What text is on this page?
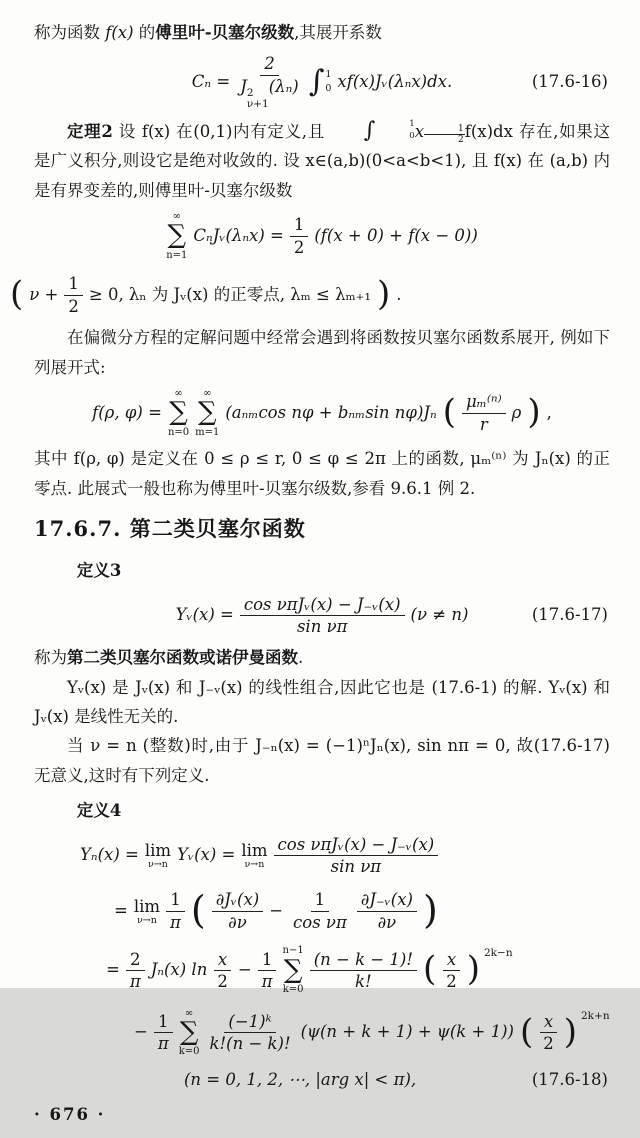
称为函数 f(x) 的傅里叶-贝塞尔级数,其展开系数

Cₙ = 2
J 2
ν+1
(λₙ) ∫ 1
0 xf(x)Jᵥ(λₙx)dx.	(17.6-16)

定理2 设 f(x) 在(0,1)内有定义,且	∫	1
0 x $\frac{1}{2} f(x)dx$ 存在,如果这是广义积分,则设它是绝对收敛的. 设 x∈(a,b)(0<a<b<1), 且 f(x) 在 (a,b) 内是有界变差的,则傅里叶-贝塞尔级数

∞
∑
n=1
CₙJᵥ(λₙx) = $\frac{1}{2} (f(x + 0) + f(x - 0))$
( $\nu + \frac{1}{2} \ge 0$, λₙ 为 Jᵥ(x) 的正零点, λₘ ≤ λₘ₊₁ ) .

在偏微分方程的定解问题中经常会遇到将函数按贝塞尔函数系展开, 例如下列展开式:

f(ρ, φ) =
∞
∑
n=0
∞
∑
m=1
(aₙₘcos nφ + bₙₘsin nφ)Jₙ ( $\frac{\text{μₘ⁽ⁿ⁾}}{r}$ ρ ) ,

其中 f(ρ, φ) 是定义在 0 ≤ ρ ≤ r, 0 ≤ φ ≤ 2π 上的函数, μₘ⁽ⁿ⁾ 为 Jₙ(x) 的正零点. 此展式一般也称为傅里叶-贝塞尔级数,参看 9.6.1 例 2.

17.6.7. 第二类贝塞尔函数

定义3

Yᵥ(x) = $\frac{\text{cos νπJᵥ(x) − J₋ᵥ(x)}}{\text{sin νπ}} (\nu \ne n)$	(17.6-17)

称为第二类贝塞尔函数或诺伊曼函数.

Yᵥ(x) 是 Jᵥ(x) 和 J₋ᵥ(x) 的线性组合,因此它也是 (17.6-1) 的解. Yᵥ(x) 和 Jᵥ(x) 是线性无关的.

当 ν = n (整数)时,由于 J₋ₙ(x) = (−1)ⁿJₙ(x), sin nπ = 0, 故(17.6-17)无意义,这时有下列定义.

定义4

Yₙ(x) = lim
ν→n
Yᵥ(x) = lim
$\nu\to n \frac{\text{cos νπJᵥ(x) − J₋ᵥ(x)}}{\text{sin νπ}}$
= lim
$\nu\to n \frac{1}{\pi}$ ( $\frac{\text{∂Jᵥ(x)}}{\partial\nu} - \frac{1}{\text{cos νπ}} \frac{\text{∂J₋ᵥ(x)}}{\partial\nu}$ )
= $\frac{2}{\pi} J_n(x)$ $\ln \frac{x}{2} - \frac{1}{\pi} n-1$
∑
$k=0 \frac{(n - k - 1)!}{k!}$ ( $\frac{x}{2}$ ) 2k−n
− $\frac{1}{\pi}$ ∞
∑
$k=0 \frac{\text{(−1)ᵏ}}{k!(n - k)!} (\psi(n + k + 1) + \psi(k + 1))$ ( $\frac{x}{2}$ ) 2k+n
(n = 0, 1, 2, ⋯, |arg x| < π),	(17.6-18)
· 676 ·
